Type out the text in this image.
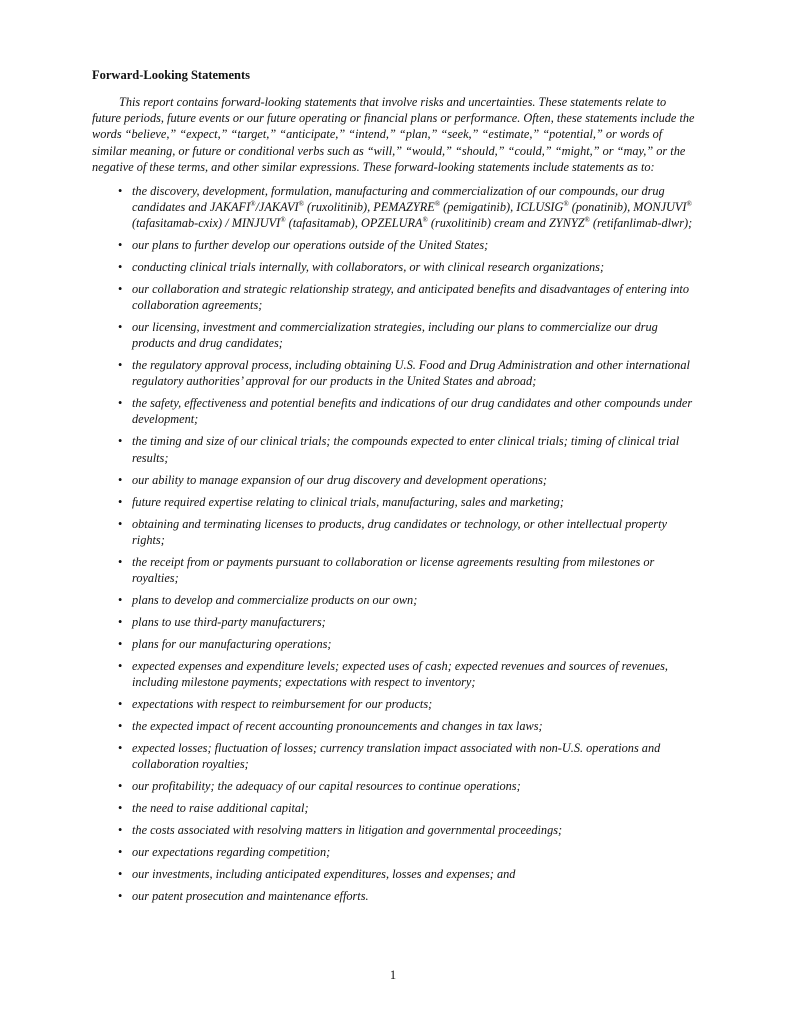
Forward-Looking Statements

This report contains forward-looking statements that involve risks and uncertainties. These statements relate to future periods, future events or our future operating or financial plans or performance. Often, these statements include the words “believe,” “expect,” “target,” “anticipate,” “intend,” “plan,” “seek,” “estimate,” “potential,” or words of similar meaning, or future or conditional verbs such as “will,” “would,” “should,” “could,” “might,” or “may,” or the negative of these terms, and other similar expressions. These forward-looking statements include statements as to:

• the discovery, development, formulation, manufacturing and commercialization of our compounds, our drug candidates and JAKAFI®/JAKAVI® (ruxolitinib), PEMAZYRE® (pemigatinib), ICLUSIG® (ponatinib), MONJUVI® (tafasitamab-cxix) / MINJUVI® (tafasitamab), OPZELURA® (ruxolitinib) cream and ZYNYZ® (retifanlimab-dlwr);
• our plans to further develop our operations outside of the United States;
• conducting clinical trials internally, with collaborators, or with clinical research organizations;
• our collaboration and strategic relationship strategy, and anticipated benefits and disadvantages of entering into collaboration agreements;
• our licensing, investment and commercialization strategies, including our plans to commercialize our drug products and drug candidates;
• the regulatory approval process, including obtaining U.S. Food and Drug Administration and other international regulatory authorities’ approval for our products in the United States and abroad;
• the safety, effectiveness and potential benefits and indications of our drug candidates and other compounds under development;
• the timing and size of our clinical trials; the compounds expected to enter clinical trials; timing of clinical trial results;
• our ability to manage expansion of our drug discovery and development operations;
• future required expertise relating to clinical trials, manufacturing, sales and marketing;
• obtaining and terminating licenses to products, drug candidates or technology, or other intellectual property rights;
• the receipt from or payments pursuant to collaboration or license agreements resulting from milestones or royalties;
• plans to develop and commercialize products on our own;
• plans to use third-party manufacturers;
• plans for our manufacturing operations;
• expected expenses and expenditure levels; expected uses of cash; expected revenues and sources of revenues, including milestone payments; expectations with respect to inventory;
• expectations with respect to reimbursement for our products;
• the expected impact of recent accounting pronouncements and changes in tax laws;
• expected losses; fluctuation of losses; currency translation impact associated with non-U.S. operations and collaboration royalties;
• our profitability; the adequacy of our capital resources to continue operations;
• the need to raise additional capital;
• the costs associated with resolving matters in litigation and governmental proceedings;
• our expectations regarding competition;
• our investments, including anticipated expenditures, losses and expenses; and
• our patent prosecution and maintenance efforts.
1
